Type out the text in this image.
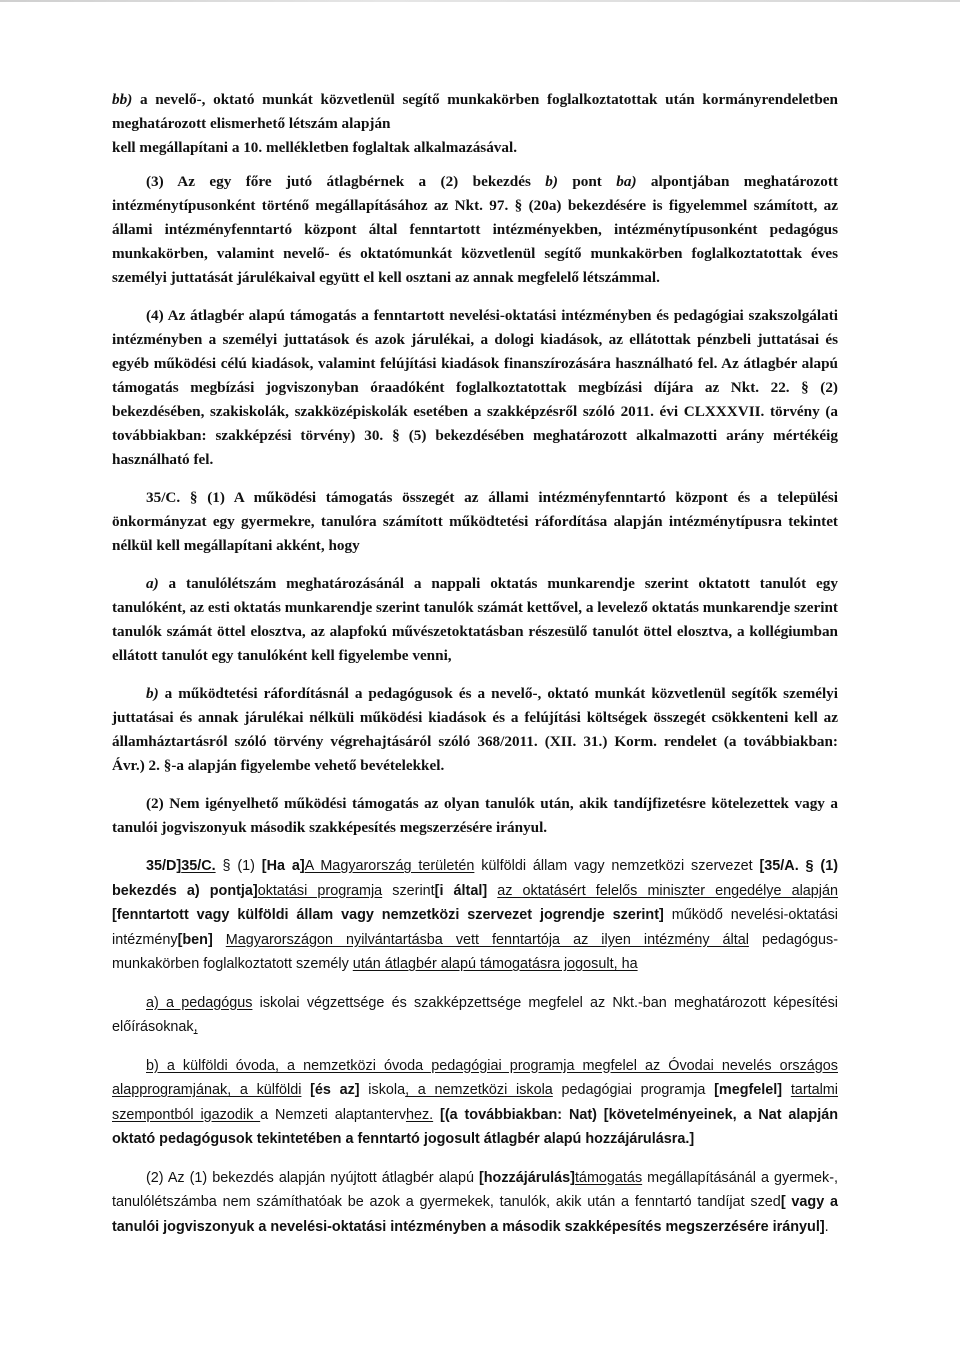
bb) a nevelő-, oktató munkát közvetlenül segítő munkakörben foglalkoztatottak után kormányrendeletben meghatározott elismerhető létszám alapján

kell megállapítani a 10. mellékletben foglaltak alkalmazásával.

(3) Az egy főre jutó átlagbérnek a (2) bekezdés b) pont ba) alpontjában meghatározott intézménytípusonként történő megállapításához az Nkt. 97. § (20a) bekezdésére is figyelemmel számított, az állami intézményfenntartó központ által fenntartott intézményekben, intézménytípusonként pedagógus munkakörben, valamint nevelő- és oktatómunkát közvetlenül segítő munkakörben foglalkoztatottak éves személyi juttatását járulékaival együtt el kell osztani az annak megfelelő létszámmal.

(4) Az átlagbér alapú támogatás a fenntartott nevelési-oktatási intézményben és pedagógiai szakszolgálati intézményben a személyi juttatások és azok járulékai, a dologi kiadások, az ellátottak pénzbeli juttatásai és egyéb működési célú kiadások, valamint felújítási kiadások finanszírozására használható fel. Az átlagbér alapú támogatás megbízási jogviszonyban óraadóként foglalkoztatottak megbízási díjára az Nkt. 22. § (2) bekezdésében, szakiskolák, szakközépiskolák esetében a szakképzésről szóló 2011. évi CLXXXVII. törvény (a továbbiakban: szakképzési törvény) 30. § (5) bekezdésében meghatározott alkalmazotti arány mértékéig használható fel.

35/C. § (1) A működési támogatás összegét az állami intézményfenntartó központ és a települési önkormányzat egy gyermekre, tanulóra számított működtetési ráfordítása alapján intézménytípusra tekintet nélkül kell megállapítani akként, hogy

a) a tanulólétszám meghatározásánál a nappali oktatás munkarendje szerint oktatott tanulót egy tanulóként, az esti oktatás munkarendje szerint tanulók számát kettővel, a levelező oktatás munkarendje szerint tanulók számát öttel elosztva, az alapfokú művészetoktatásban részesülő tanulót öttel elosztva, a kollégiumban ellátott tanulót egy tanulóként kell figyelembe venni,

b) a működtetési ráfordításnál a pedagógusok és a nevelő-, oktató munkát közvetlenül segítők személyi juttatásai és annak járulékai nélküli működési kiadások és a felújítási költségek összegét csökkenteni kell az államháztartásról szóló törvény végrehajtásáról szóló 368/2011. (XII. 31.) Korm. rendelet (a továbbiakban: Ávr.) 2. §-a alapján figyelembe vehető bevételekkel.

(2) Nem igényelhető működési támogatás az olyan tanulók után, akik tandíjfizetésre kötelezettek vagy a tanulói jogviszonyuk második szakképesítés megszerzésére irányul.

35/D]35/C. § (1) [Ha a]A Magyarország területén külföldi állam vagy nemzetközi szervezet [35/A. § (1) bekezdés a) pontja]oktatási programja szerint[i által] az oktatásért felelős miniszter engedélye alapján [fenntartott vagy külföldi állam vagy nemzetközi szervezet jogrendje szerint] működő nevelési-oktatási intézmény[ben] Magyarországon nyilvántartásba vett fenntartója az ilyen intézmény által pedagógus-munkakörben foglalkoztatott személy után átlagbér alapú támogatásra jogosult, ha

a) a pedagógus iskolai végzettsége és szakképzettsége megfelel az Nkt.-ban meghatározott képesítési előírásoknak,

b) a külföldi óvoda, a nemzetközi óvoda pedagógiai programja megfelel az Óvodai nevelés országos alapprogramjának, a külföldi [és az] iskola, a nemzetközi iskola pedagógiai programja [megfelel] tartalmi szempontból igazodik a Nemzeti alaptantervhez. [(a továbbiakban: Nat) [követelményeinek, a Nat alapján oktató pedagógusok tekintetében a fenntartó jogosult átlagbér alapú hozzájárulásra.]

(2) Az (1) bekezdés alapján nyújtott átlagbér alapú [hozzájárulás]támogatás megállapításánál a gyermek-, tanulólétszámba nem számíthatóak be azok a gyermekek, tanulók, akik után a fenntartó tandíjat szed[ vagy a tanulói jogviszonyuk a nevelési-oktatási intézményben a második szakképesítés megszerzésére irányul].
